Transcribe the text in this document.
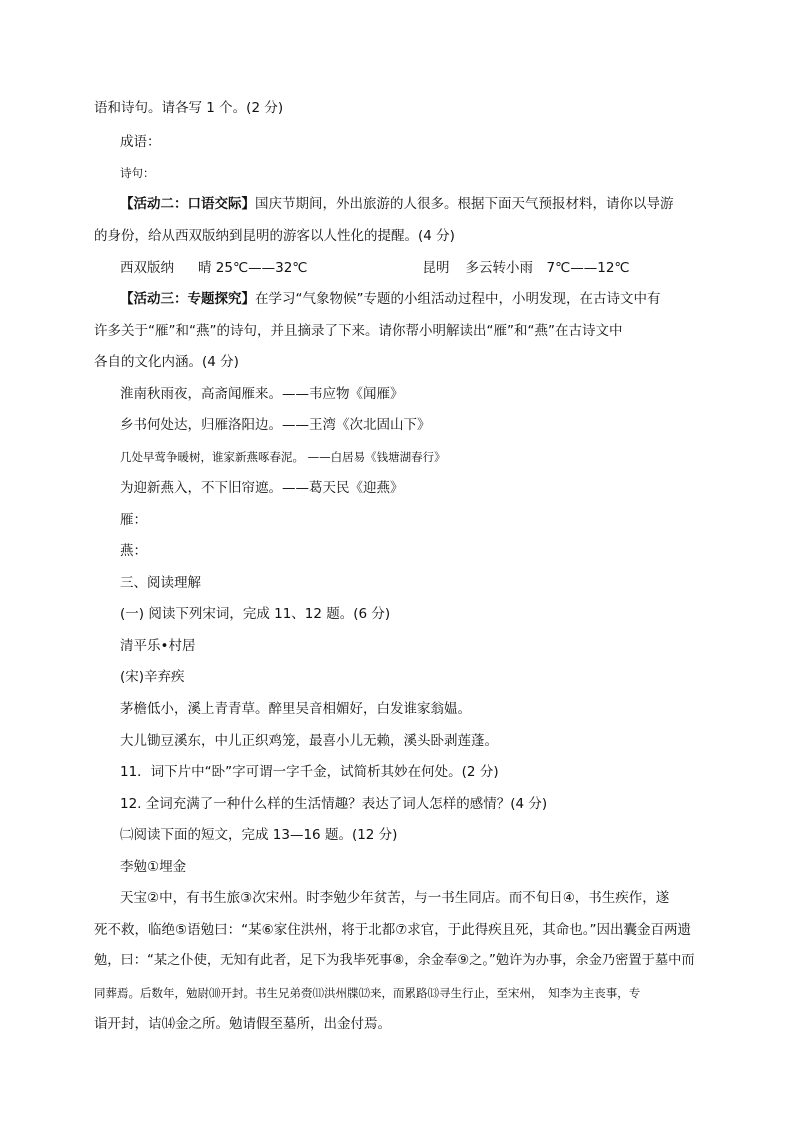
语和诗句。请各写 1 个。(2 分)
成语：
诗句：
【活动二：口语交际】国庆节期间，外出旅游的人很多。根据下面天气预报材料，请你以导游
的身份，给从西双版纳到昆明的游客以人性化的提醒。(4 分)
西双版纳 晴 25℃——32℃	昆明 多云转小雨　7℃——12℃
【活动三：专题探究】在学习“气象物候”专题的小组活动过程中，小明发现，在古诗文中有
许多关于“雁”和“燕”的诗句，并且摘录了下来。请你帮小明解读出“雁”和“燕”在古诗文中
各自的文化内涵。(4 分)
淮南秋雨夜，高斋闻雁来。——韦应物《闻雁》
乡书何处达，归雁洛阳边。——王湾《次北固山下》
几处早莺争暖树，谁家新燕啄春泥。 ——白居易《钱塘湖春行》
为迎新燕入，不下旧帘遮。——葛天民《迎燕》
雁：
燕：
三、阅读理解
(一) 阅读下列宋词，完成 11、12 题。(6 分)
清平乐•村居
(宋)辛弃疾
茅檐低小，溪上青青草。醉里吴音相媚好，白发谁家翁媪。
大儿锄豆溪东，中儿正织鸡笼，最喜小儿无赖，溪头卧剥莲蓬。
11．词下片中“卧”字可谓一字千金，试简析其妙在何处。(2 分)
12. 全词充满了一种什么样的生活情趣？表达了词人怎样的感情？(4 分)
㈡阅读下面的短文，完成 13—16 题。(12 分)
李勉①埋金
天宝②中，有书生旅③次宋州。时李勉少年贫苦，与一书生同店。而不旬日④，书生疾作，遂
死不救，临绝⑤语勉曰：“某⑥家住洪州，将于北都⑦求官，于此得疾且死，其命也。”因出囊金百两遗
勉，曰：“某之仆使，无知有此者，足下为我毕死事⑧，余金奉⑨之。”勉许为办事，余金乃密置于墓中而
同葬焉。后数年，勉尉⑽开封。书生兄弟赍⑾洪州牒⑿来，而累路⒀寻生行止，至宋州，　知李为主丧事，专
诣开封，诘⒁金之所。勉请假至墓所，出金付焉。
